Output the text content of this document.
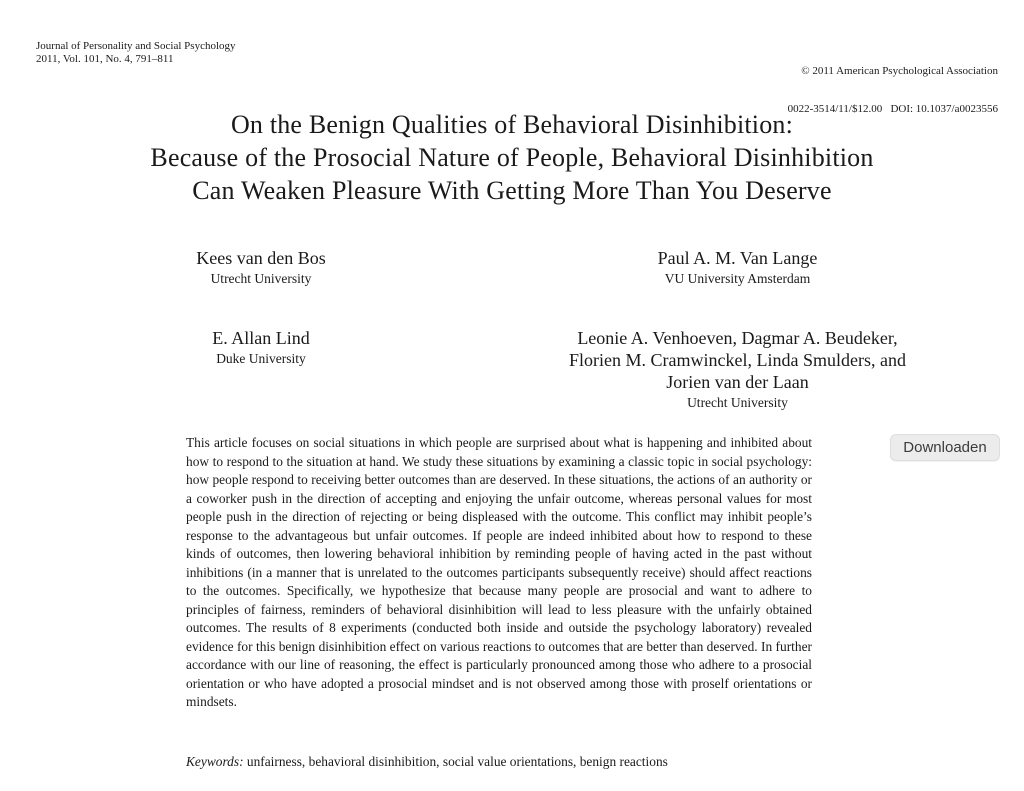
Journal of Personality and Social Psychology
2011, Vol. 101, No. 4, 791–811

© 2011 American Psychological Association

0022-3514/11/$12.00   DOI: 10.1037/a0023556

On the Benign Qualities of Behavioral Disinhibition:
Because of the Prosocial Nature of People, Behavioral Disinhibition
Can Weaken Pleasure With Getting More Than You Deserve
Kees van den Bos
Utrecht University
Paul A. M. Van Lange
VU University Amsterdam
E. Allan Lind
Duke University
Leonie A. Venhoeven, Dagmar A. Beudeker,
Florien M. Cramwinckel, Linda Smulders, and
Jorien van der Laan
Utrecht University
This article focuses on social situations in which people are surprised about what is happening and inhibited about how to respond to the situation at hand. We study these situations by examining a classic topic in social psychology: how people respond to receiving better outcomes than are deserved. In these situations, the actions of an authority or a coworker push in the direction of accepting and enjoying the unfair outcome, whereas personal values for most people push in the direction of rejecting or being displeased with the outcome. This conflict may inhibit people’s response to the advantageous but unfair outcomes. If people are indeed inhibited about how to respond to these kinds of outcomes, then lowering behavioral inhibition by reminding people of having acted in the past without inhibitions (in a manner that is unrelated to the outcomes participants subsequently receive) should affect reactions to the outcomes. Specifically, we hypothesize that because many people are prosocial and want to adhere to principles of fairness, reminders of behavioral disinhibition will lead to less pleasure with the unfairly obtained outcomes. The results of 8 experiments (conducted both inside and outside the psychology laboratory) revealed evidence for this benign disinhibition effect on various reactions to outcomes that are better than deserved. In further accordance with our line of reasoning, the effect is particularly pronounced among those who adhere to a prosocial orientation or who have adopted a prosocial mindset and is not observed among those with proself orientations or mindsets.
Keywords: unfairness, behavioral disinhibition, social value orientations, benign reactions
Downloaden
